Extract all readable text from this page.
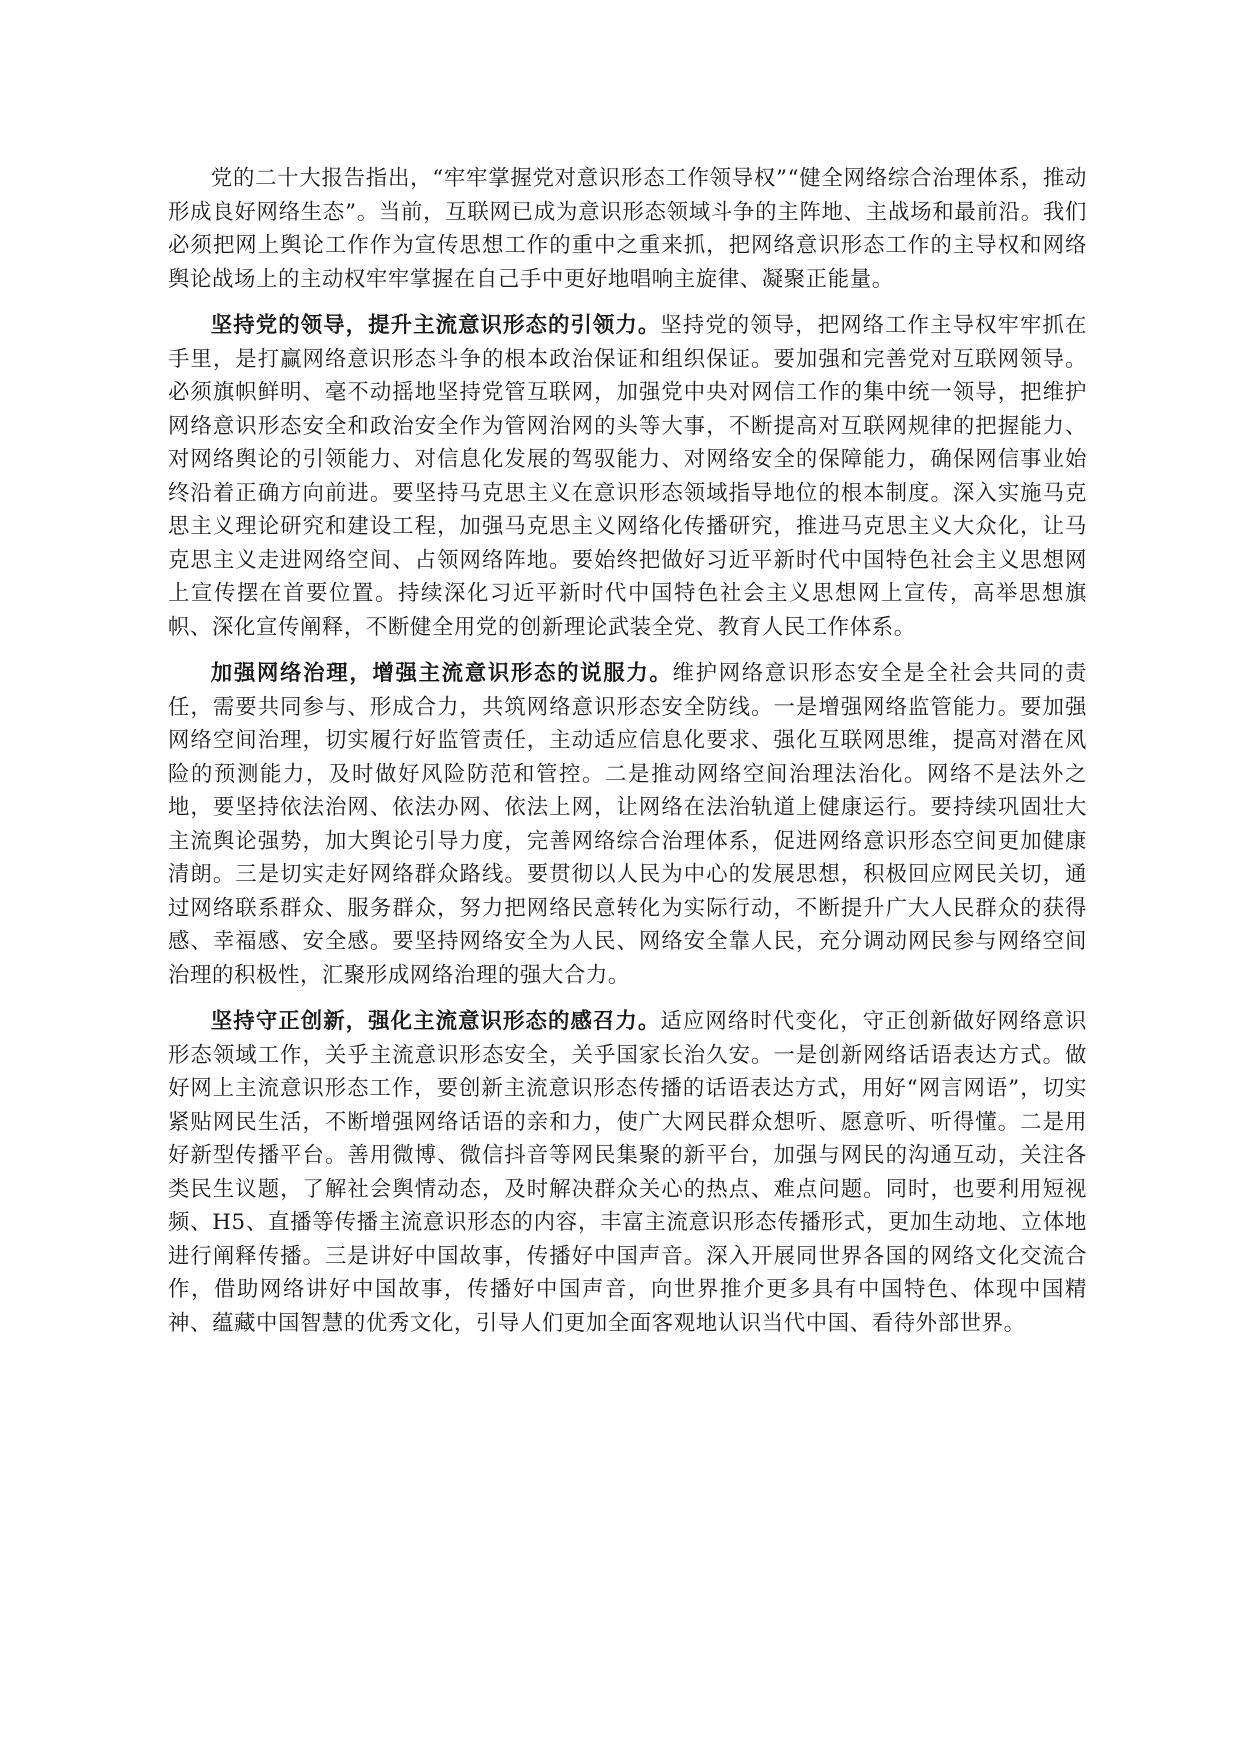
党的二十大报告指出，“牢牢掌握党对意识形态工作领导权”“健全网络综合治理体系，推动形成良好网络生态”。当前，互联网已成为意识形态领域斗争的主阵地、主战场和最前沿。我们必须把网上舆论工作作为宣传思想工作的重中之重来抓，把网络意识形态工作的主导权和网络舆论战场上的主动权牢牢掌握在自己手中更好地唱响主旋律、凝聚正能量。

坚持党的领导，提升主流意识形态的引领力。坚持党的领导，把网络工作主导权牢牢抓在手里，是打赢网络意识形态斗争的根本政治保证和组织保证。要加强和完善党对互联网领导。必须旗帜鲜明、毫不动摇地坚持党管互联网，加强党中央对网信工作的集中统一领导，把维护网络意识形态安全和政治安全作为管网治网的头等大事，不断提高对互联网规律的把握能力、对网络舆论的引领能力、对信息化发展的驾驭能力、对网络安全的保障能力，确保网信事业始终沿着正确方向前进。要坚持马克思主义在意识形态领域指导地位的根本制度。深入实施马克思主义理论研究和建设工程，加强马克思主义网络化传播研究，推进马克思主义大众化，让马克思主义走进网络空间、占领网络阵地。要始终把做好习近平新时代中国特色社会主义思想网上宣传摆在首要位置。持续深化习近平新时代中国特色社会主义思想网上宣传，高举思想旗帜、深化宣传阐释，不断健全用党的创新理论武装全党、教育人民工作体系。

加强网络治理，增强主流意识形态的说服力。维护网络意识形态安全是全社会共同的责任，需要共同参与、形成合力，共筑网络意识形态安全防线。一是增强网络监管能力。要加强网络空间治理，切实履行好监管责任，主动适应信息化要求、强化互联网思维，提高对潜在风险的预测能力，及时做好风险防范和管控。二是推动网络空间治理法治化。网络不是法外之地，要坚持依法治网、依法办网、依法上网，让网络在法治轨道上健康运行。要持续巩固壮大主流舆论强势，加大舆论引导力度，完善网络综合治理体系，促进网络意识形态空间更加健康清朗。三是切实走好网络群众路线。要贯彻以人民为中心的发展思想，积极回应网民关切，通过网络联系群众、服务群众，努力把网络民意转化为实际行动，不断提升广大人民群众的获得感、幸福感、安全感。要坚持网络安全为人民、网络安全靠人民，充分调动网民参与网络空间治理的积极性，汇聚形成网络治理的强大合力。

坚持守正创新，强化主流意识形态的感召力。适应网络时代变化，守正创新做好网络意识形态领域工作，关乎主流意识形态安全，关乎国家长治久安。一是创新网络话语表达方式。做好网上主流意识形态工作，要创新主流意识形态传播的话语表达方式，用好“网言网语”，切实紧贴网民生活，不断增强网络话语的亲和力，使广大网民群众想听、愿意听、听得懂。二是用好新型传播平台。善用微博、微信抖音等网民集聚的新平台，加强与网民的沟通互动，关注各类民生议题，了解社会舆情动态，及时解决群众关心的热点、难点问题。同时，也要利用短视频、H5、直播等传播主流意识形态的内容，丰富主流意识形态传播形式，更加生动地、立体地进行阐释传播。三是讲好中国故事，传播好中国声音。深入开展同世界各国的网络文化交流合作，借助网络讲好中国故事，传播好中国声音，向世界推介更多具有中国特色、体现中国精神、蕴藏中国智慧的优秀文化，引导人们更加全面客观地认识当代中国、看待外部世界。
